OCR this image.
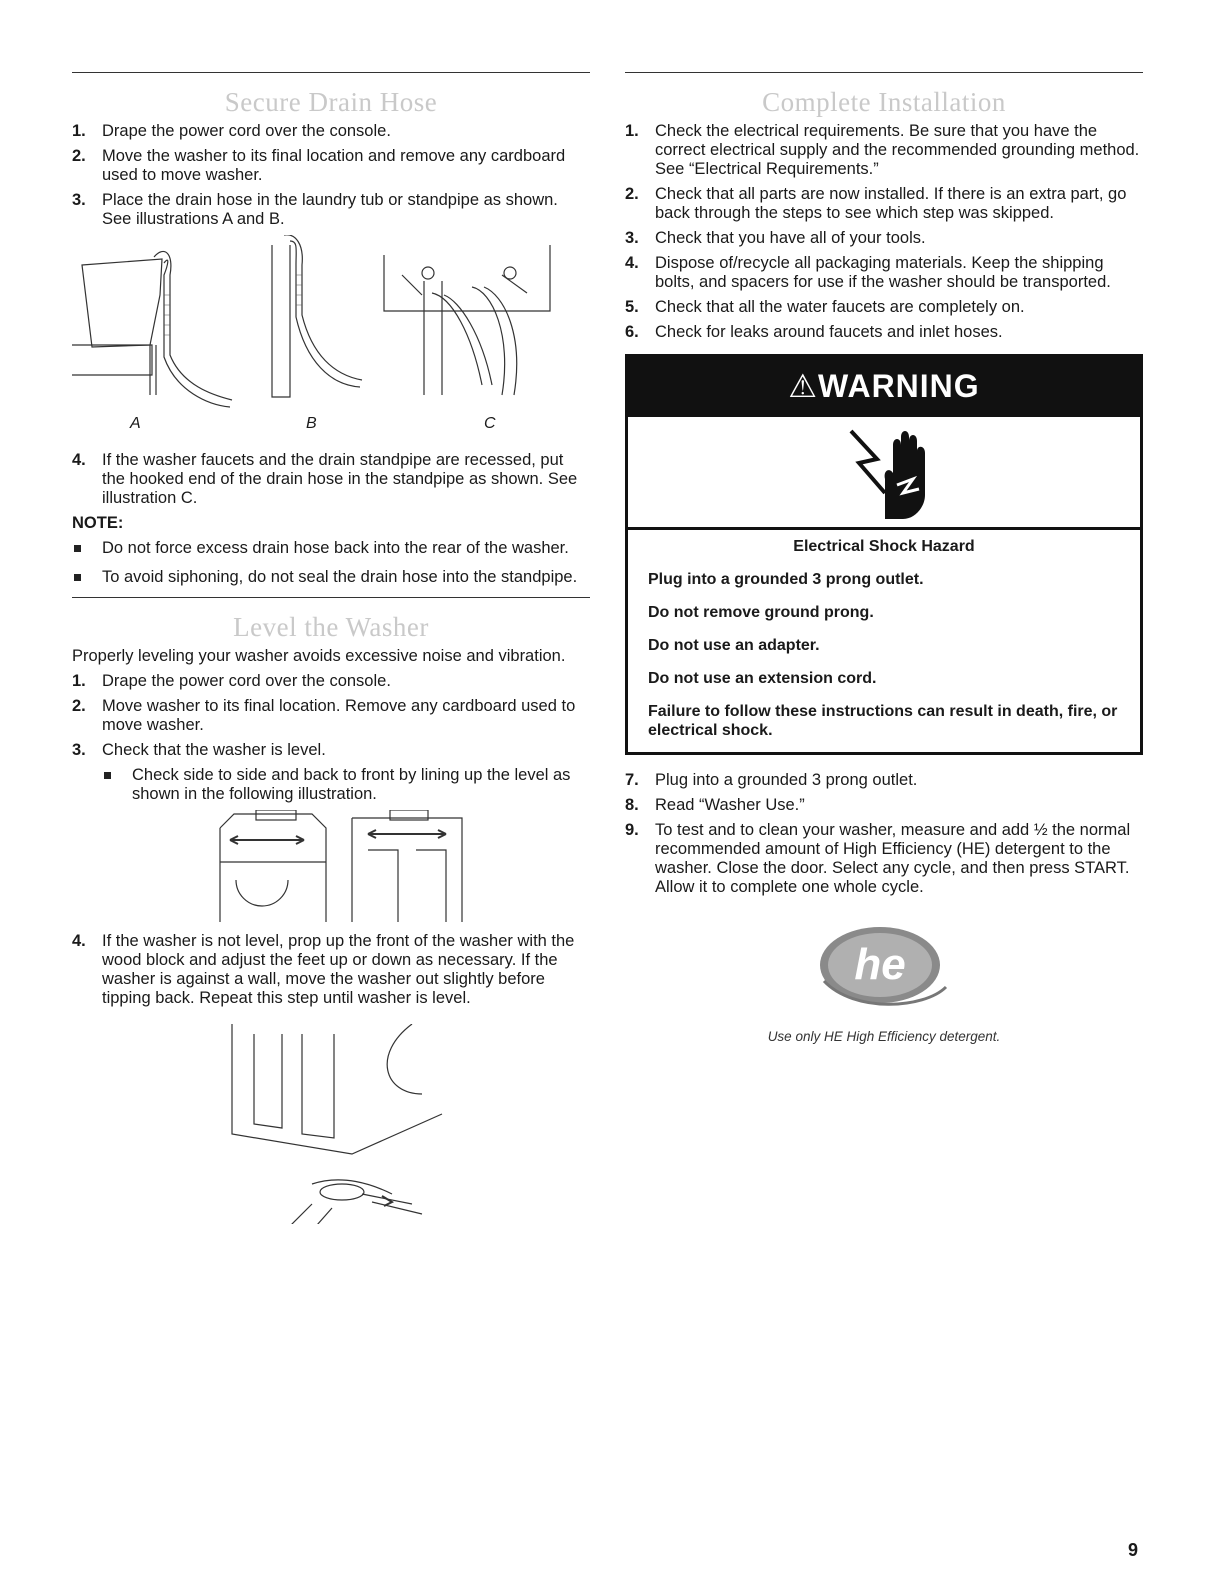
Secure Drain Hose
1. Drape the power cord over the console.
2. Move the washer to its final location and remove any cardboard used to move washer.
3. Place the drain hose in the laundry tub or standpipe as shown. See illustrations A and B.
A	B	C
4. If the washer faucets and the drain standpipe are recessed, put the hooked end of the drain hose in the standpipe as shown. See illustration C.
NOTE:
Do not force excess drain hose back into the rear of the washer.
To avoid siphoning, do not seal the drain hose into the standpipe.
Level the Washer

Properly leveling your washer avoids excessive noise and vibration.

1. Drape the power cord over the console.
2. Move washer to its final location. Remove any cardboard used to move washer.
3. Check that the washer is level.
Check side to side and back to front by lining up the level as shown in the following illustration.
4. If the washer is not level, prop up the front of the washer with the wood block and adjust the feet up or down as necessary. If the washer is against a wall, move the washer out slightly before tipping back. Repeat this step until washer is level.
Complete Installation
1. Check the electrical requirements. Be sure that you have the correct electrical supply and the recommended grounding method. See “Electrical Requirements.”
2. Check that all parts are now installed. If there is an extra part, go back through the steps to see which step was skipped.
3. Check that you have all of your tools.
4. Dispose of/recycle all packaging materials. Keep the shipping bolts, and spacers for use if the washer should be transported.
5. Check that all the water faucets are completely on.
6. Check for leaks around faucets and inlet hoses.
⚠WARNING
Electrical Shock Hazard
Plug into a grounded 3 prong outlet.
Do not remove ground prong.
Do not use an adapter.
Do not use an extension cord.
Failure to follow these instructions can result in death, fire, or electrical shock.
7. Plug into a grounded 3 prong outlet.
8. Read “Washer Use.”
9. To test and to clean your washer, measure and add ½ the normal recommended amount of High Efficiency (HE) detergent to the washer. Close the door. Select any cycle, and then press START. Allow it to complete one whole cycle.
he
Use only HE High Efficiency detergent.
9
